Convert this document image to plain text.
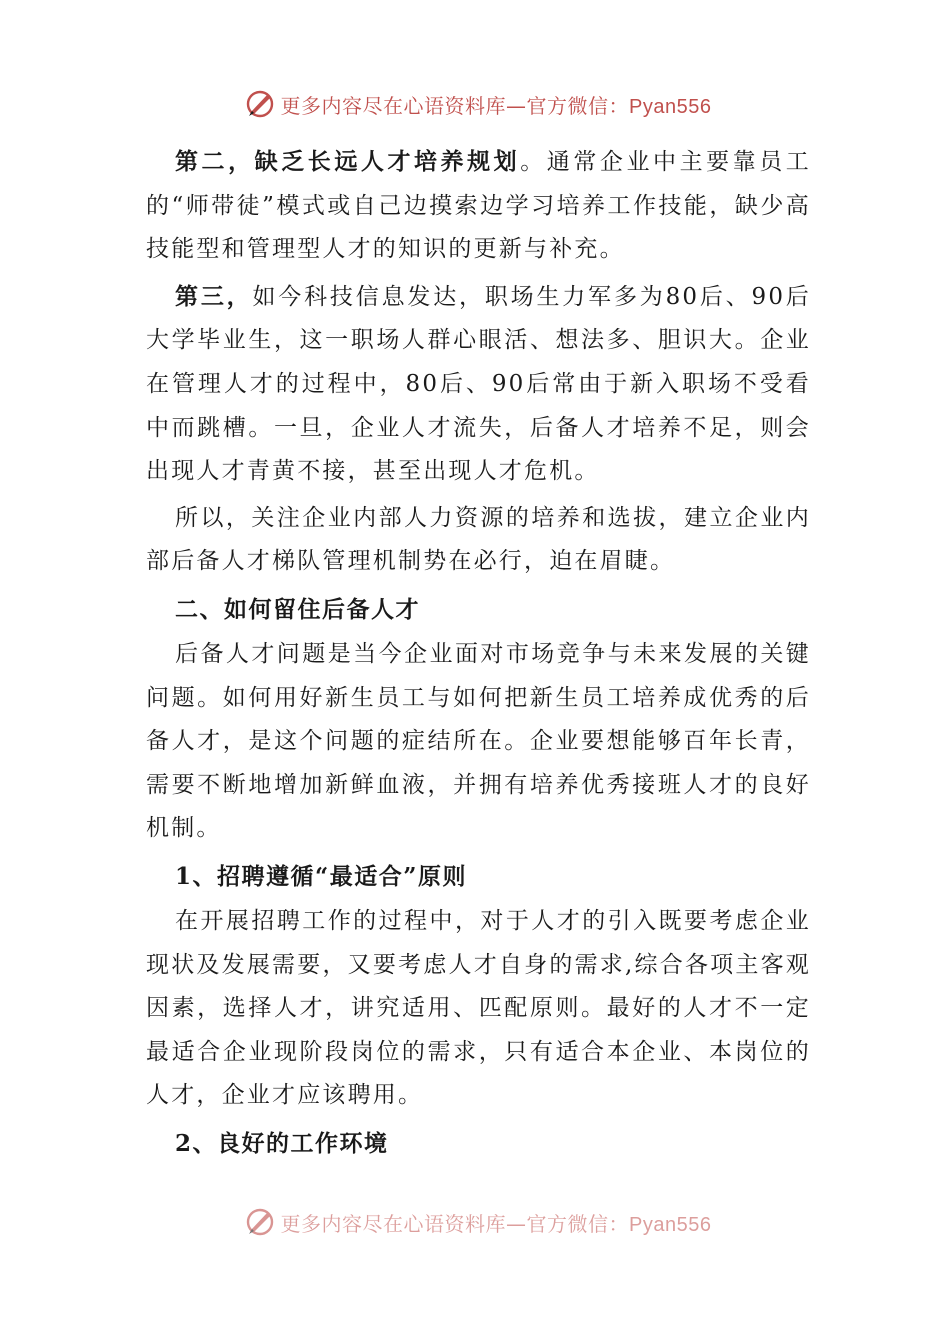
更多内容尽在心语资料库—官方微信：Pyan556

第二，缺乏长远人才培养规划。通常企业中主要靠员工的“师带徒”模式或自己边摸索边学习培养工作技能，缺少高技能型和管理型人才的知识的更新与补充。

第三，如今科技信息发达，职场生力军多为80后、90后大学毕业生，这一职场人群心眼活、想法多、胆识大。企业在管理人才的过程中，80后、90后常由于新入职场不受看中而跳槽。一旦，企业人才流失，后备人才培养不足，则会出现人才青黄不接，甚至出现人才危机。

所以，关注企业内部人力资源的培养和选拔，建立企业内部后备人才梯队管理机制势在必行，迫在眉睫。

二、如何留住后备人才

后备人才问题是当今企业面对市场竞争与未来发展的关键问题。如何用好新生员工与如何把新生员工培养成优秀的后备人才，是这个问题的症结所在。企业要想能够百年长青，需要不断地增加新鲜血液，并拥有培养优秀接班人才的良好机制。

1、招聘遵循“最适合”原则

在开展招聘工作的过程中，对于人才的引入既要考虑企业现状及发展需要，又要考虑人才自身的需求,综合各项主客观因素，选择人才，讲究适用、匹配原则。最好的人才不一定最适合企业现阶段岗位的需求，只有适合本企业、本岗位的人才，企业才应该聘用。

2、良好的工作环境

更多内容尽在心语资料库—官方微信：Pyan556
